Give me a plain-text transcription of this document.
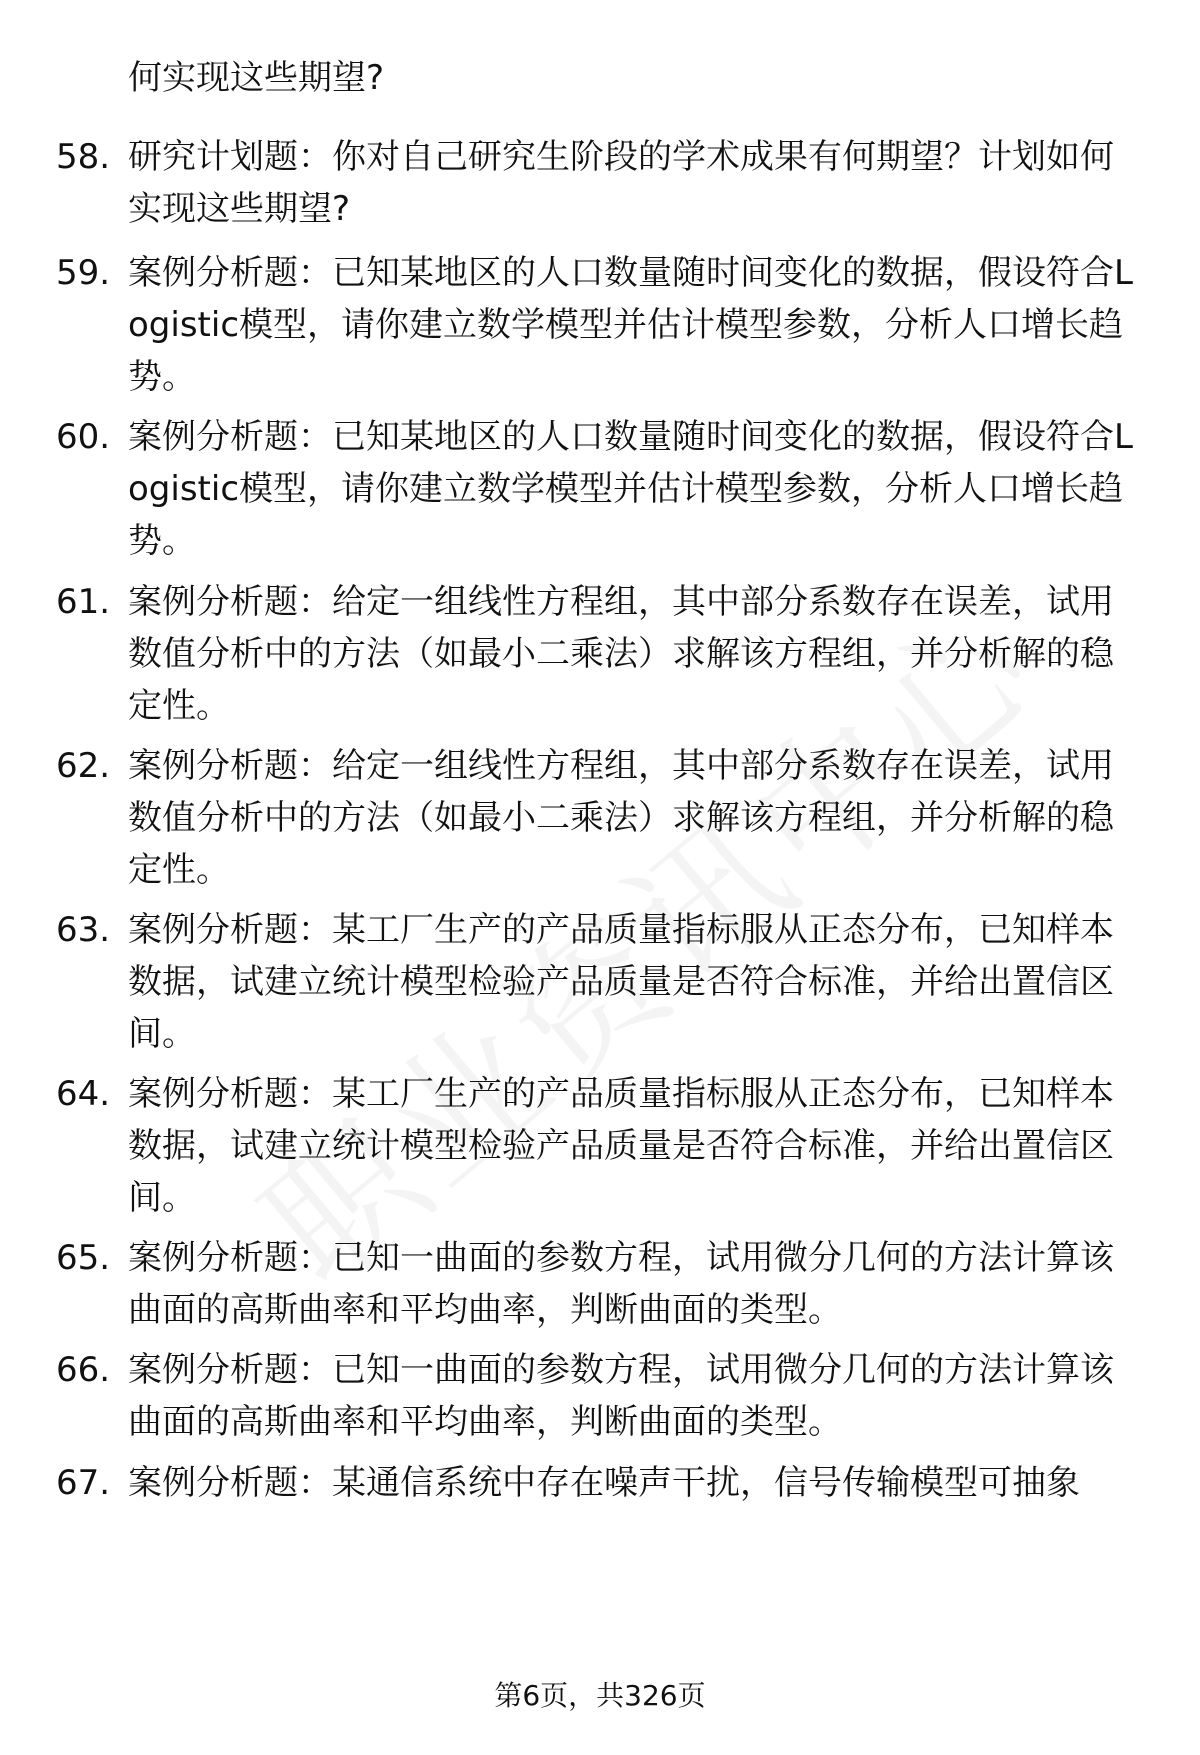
何实现这些期望?

58. 研究计划题：你对自己研究生阶段的学术成果有何期望？计划如何实现这些期望?

59. 案例分析题：已知某地区的人口数量随时间变化的数据，假设符合Logistic模型，请你建立数学模型并估计模型参数，分析人口增长趋势。

60. 案例分析题：已知某地区的人口数量随时间变化的数据，假设符合Logistic模型，请你建立数学模型并估计模型参数，分析人口增长趋势。

61. 案例分析题：给定一组线性方程组，其中部分系数存在误差，试用数值分析中的方法（如最小二乘法）求解该方程组，并分析解的稳定性。

62. 案例分析题：给定一组线性方程组，其中部分系数存在误差，试用数值分析中的方法（如最小二乘法）求解该方程组，并分析解的稳定性。

63. 案例分析题：某工厂生产的产品质量指标服从正态分布，已知样本数据，试建立统计模型检验产品质量是否符合标准，并给出置信区间。

64. 案例分析题：某工厂生产的产品质量指标服从正态分布，已知样本数据，试建立统计模型检验产品质量是否符合标准，并给出置信区间。

65. 案例分析题：已知一曲面的参数方程，试用微分几何的方法计算该曲面的高斯曲率和平均曲率，判断曲面的类型。

66. 案例分析题：已知一曲面的参数方程，试用微分几何的方法计算该曲面的高斯曲率和平均曲率，判断曲面的类型。

67. 案例分析题：某通信系统中存在噪声干扰，信号传输模型可抽象

第6页，共326页
